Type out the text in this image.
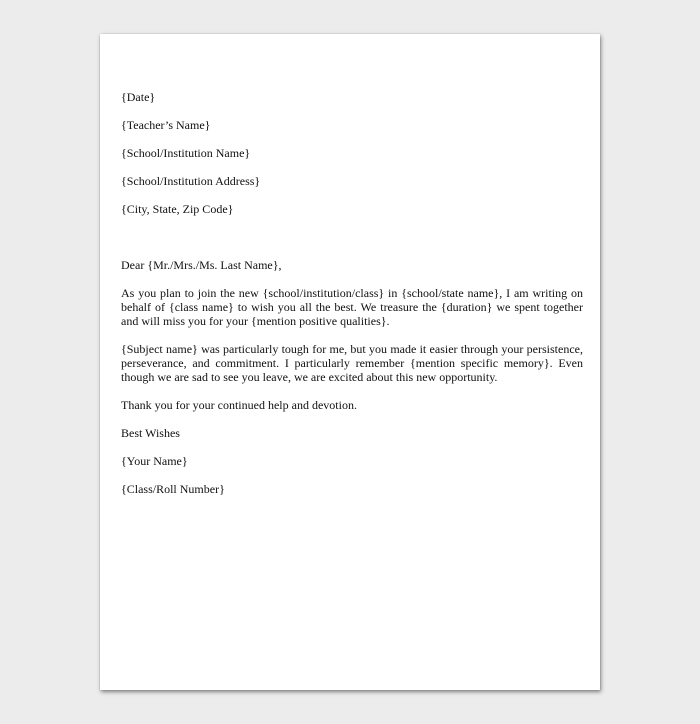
{Date}

{Teacher’s Name}

{School/Institution Name}

{School/Institution Address}

{City, State, Zip Code}

Dear {Mr./Mrs./Ms. Last Name},

As you plan to join the new {school/institution/class} in {school/state name}, I am writing on behalf of {class name} to wish you all the best. We treasure the {duration} we spent together and will miss you for your {mention positive qualities}.

{Subject name} was particularly tough for me, but you made it easier through your persistence, perseverance, and commitment. I particularly remember {mention specific memory}. Even though we are sad to see you leave, we are excited about this new opportunity.

Thank you for your continued help and devotion.

Best Wishes

{Your Name}

{Class/Roll Number}
